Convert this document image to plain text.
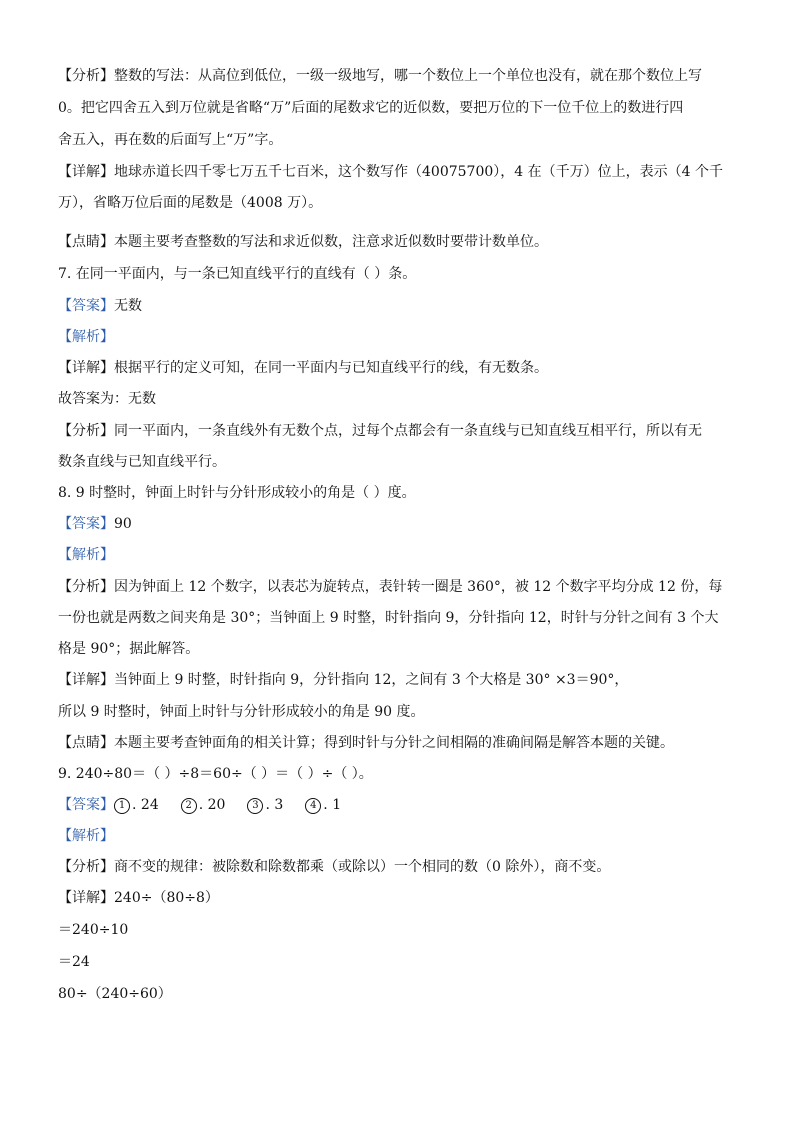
【分析】整数的写法：从高位到低位，一级一级地写，哪一个数位上一个单位也没有，就在那个数位上写
0。把它四舍五入到万位就是省略“万”后面的尾数求它的近似数，要把万位的下一位千位上的数进行四
舍五入，再在数的后面写上“万”字。
【详解】地球赤道长四千零七万五千七百米，这个数写作（40075700），4 在（千万）位上，表示（4 个千
万），省略万位后面的尾数是（4008 万）。
【点睛】本题主要考查整数的写法和求近似数，注意求近似数时要带计数单位。
7. 在同一平面内，与一条已知直线平行的直线有（ ）条。
【答案】无数
【解析】
【详解】根据平行的定义可知，在同一平面内与已知直线平行的线，有无数条。
故答案为：无数
【分析】同一平面内，一条直线外有无数个点，过每个点都会有一条直线与已知直线互相平行，所以有无
数条直线与已知直线平行。
8. 9 时整时，钟面上时针与分针形成较小的角是（ ）度。
【答案】90
【解析】
【分析】因为钟面上 12 个数字，以表芯为旋转点，表针转一圈是 360°，被 12 个数字平均分成 12 份，每
一份也就是两数之间夹角是 30°；当钟面上 9 时整，时针指向 9，分针指向 12，时针与分针之间有 3 个大
格是 90°；据此解答。
【详解】当钟面上 9 时整，时针指向 9，分针指向 12，之间有 3 个大格是 30° ×3＝90°，
所以 9 时整时，钟面上时针与分针形成较小的角是 90 度。
【点睛】本题主要考查钟面角的相关计算；得到时针与分针之间相隔的准确间隔是解答本题的关键。
9. 240÷80＝（ ）÷8＝60÷（ ）＝（ ）÷（ ）。
【答案】 1 . 24	2 . 20	3 . 3	4 . 1
【解析】
【分析】商不变的规律：被除数和除数都乘（或除以）一个相同的数（0 除外），商不变。
【详解】240÷（80÷8）
＝240÷10
＝24
80÷（240÷60）
